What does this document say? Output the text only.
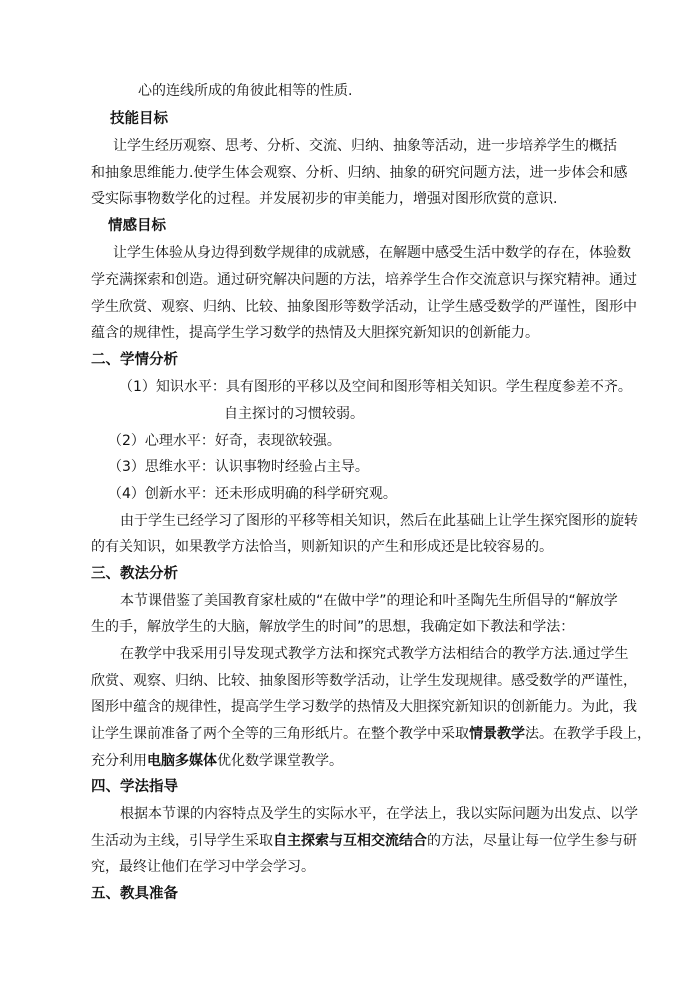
心的连线所成的角彼此相等的性质.
技能目标
让学生经历观察、思考、分析、交流、归纳、抽象等活动，进一步培养学生的概括
和抽象思维能力.使学生体会观察、分析、归纳、抽象的研究问题方法，进一步体会和感
受实际事物数学化的过程。并发展初步的审美能力，增强对图形欣赏的意识.
情感目标
让学生体验从身边得到数学规律的成就感，在解题中感受生活中数学的存在，体验数
学充满探索和创造。通过研究解决问题的方法，培养学生合作交流意识与探究精神。通过
学生欣赏、观察、归纳、比较、抽象图形等数学活动，让学生感受数学的严谨性，图形中
蕴含的规律性，提高学生学习数学的热情及大胆探究新知识的创新能力。
二、学情分析
（1）知识水平：具有图形的平移以及空间和图形等相关知识。学生程度参差不齐。
自主探讨的习惯较弱。
（2）心理水平：好奇，表现欲较强。
（3）思维水平：认识事物时经验占主导。
（4）创新水平：还未形成明确的科学研究观。
由于学生已经学习了图形的平移等相关知识，然后在此基础上让学生探究图形的旋转
的有关知识，如果教学方法恰当，则新知识的产生和形成还是比较容易的。
三、教法分析
本节课借鉴了美国教育家杜威的“在做中学”的理论和叶圣陶先生所倡导的“解放学
生的手，解放学生的大脑，解放学生的时间”的思想，我确定如下教法和学法：
在教学中我采用引导发现式教学方法和探究式教学方法相结合的教学方法.通过学生
欣赏、观察、归纳、比较、抽象图形等数学活动，让学生发现规律。感受数学的严谨性，
图形中蕴含的规律性，提高学生学习数学的热情及大胆探究新知识的创新能力。为此，我
让学生课前准备了两个全等的三角形纸片。在整个教学中采取情景教学法。在教学手段上，
充分利用电脑多媒体优化数学课堂教学。
四、学法指导
根据本节课的内容特点及学生的实际水平，在学法上，我以实际问题为出发点、以学
生活动为主线，引导学生采取自主探索与互相交流结合的方法，尽量让每一位学生参与研
究，最终让他们在学习中学会学习。
五、教具准备
